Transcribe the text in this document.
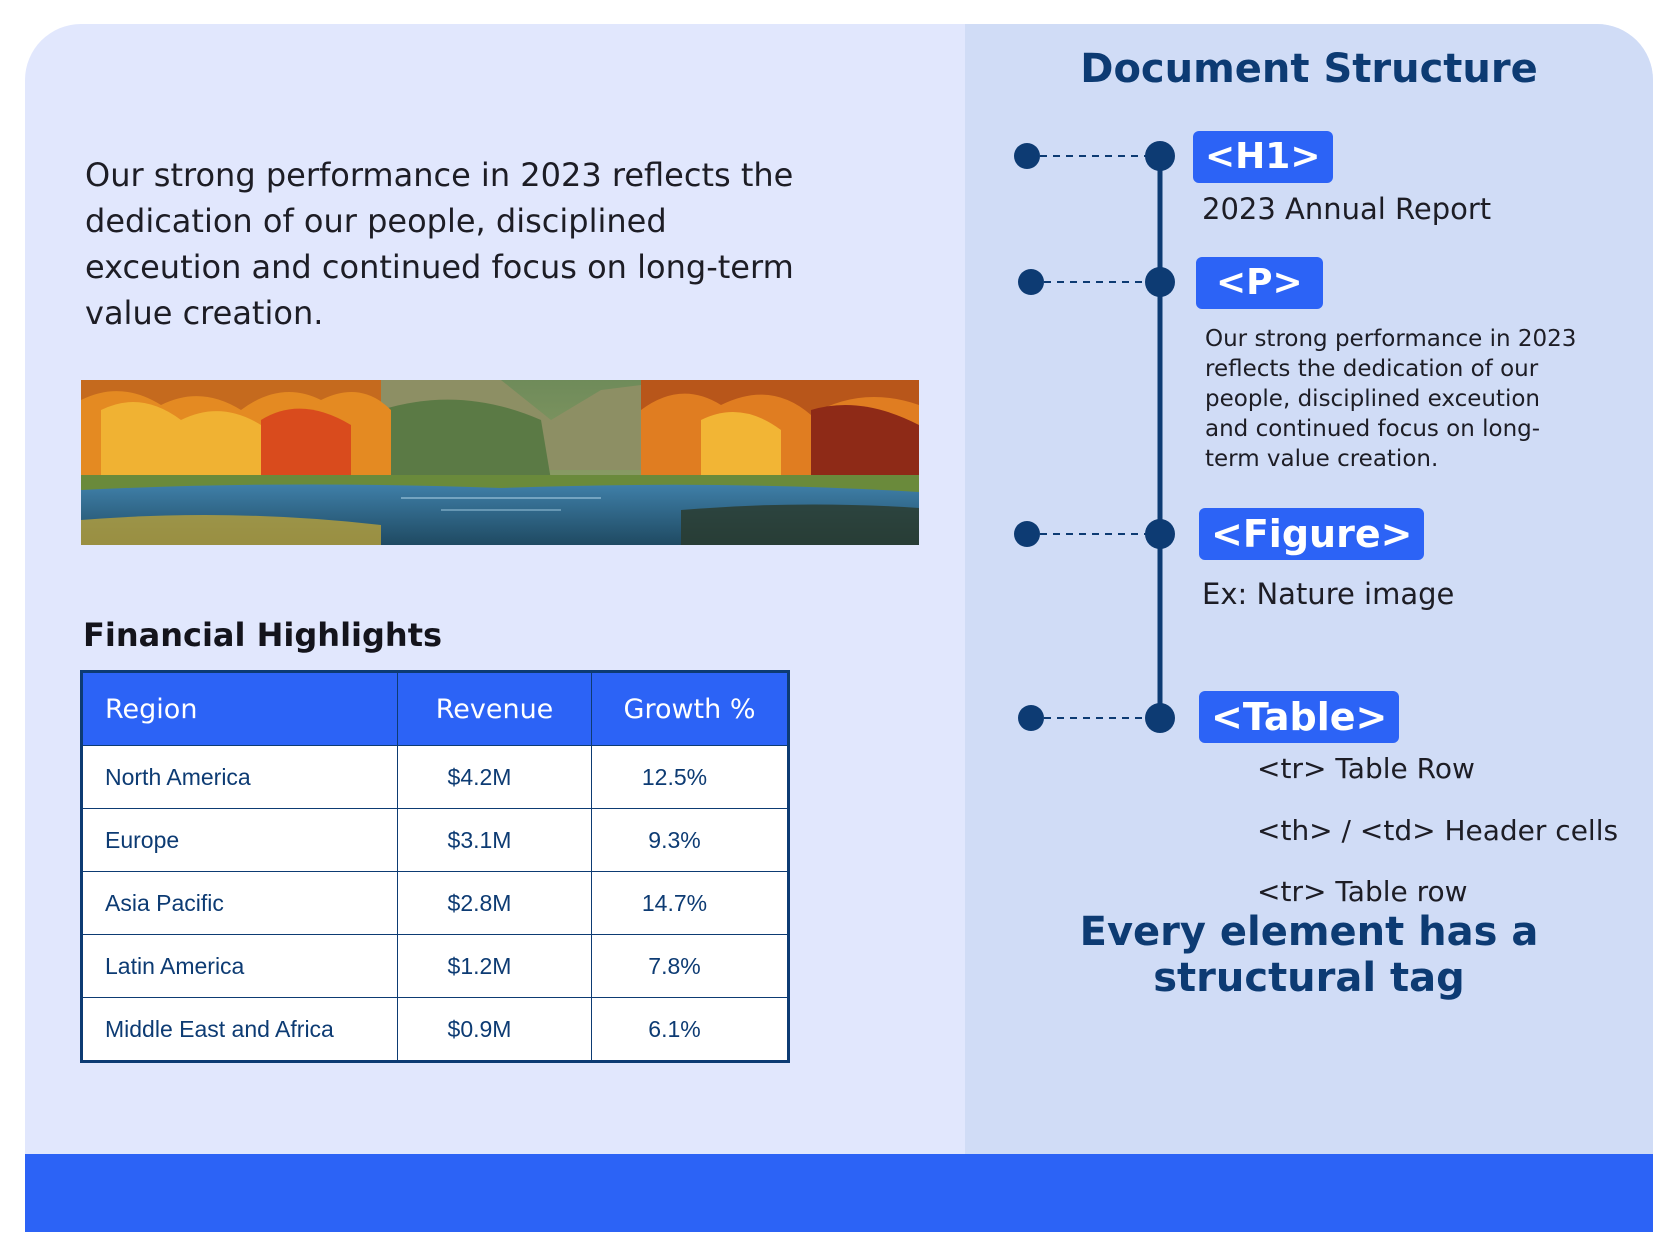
Our strong performance in 2023 reflects the dedication of our people, disciplined exceution and continued focus on long-term value creation.

Financial Highlights
Region	Revenue	Growth %
North America	$4.2M	12.5%
Europe	$3.1M	9.3%
Asia Pacific	$2.8M	14.7%
Latin America	$1.2M	7.8%
Middle East and Africa	$0.9M	6.1%
Document Structure
<H1>

2023 Annual Report

<P>

Our strong performance in 2023 reflects the dedication of our people, disciplined exceution and continued focus on long-term value creation.

<Figure>

Ex: Nature image

<Table>
<tr> Table Row
<th> / <td> Header cells
<tr> Table row

Every element has a structural tag
